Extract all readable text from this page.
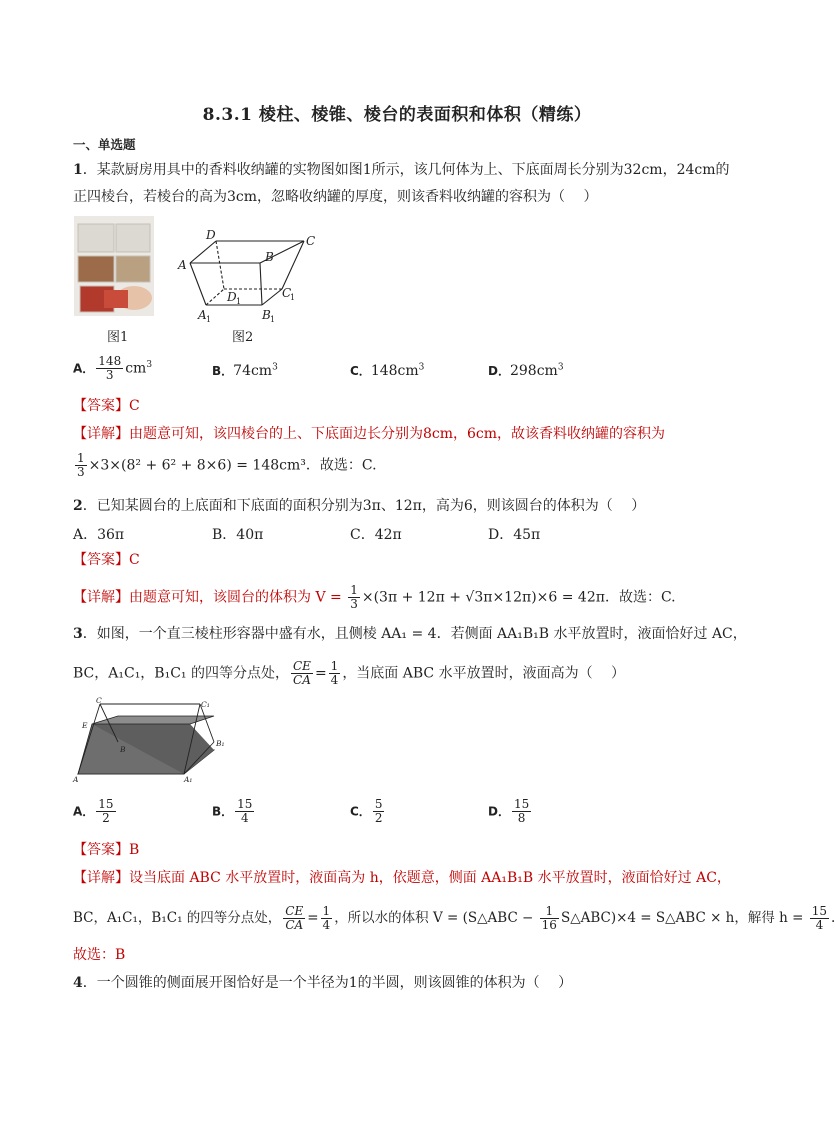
8.3.1 棱柱、棱锥、棱台的表面积和体积（精练）
一、单选题
1．某款厨房用具中的香料收纳罐的实物图如图1所示，该几何体为上、下底面周长分别为32cm，24cm的
正四棱台，若棱台的高为3cm，忽略收纳罐的厚度，则该香料收纳罐的容积为（　 ）
图1
D	C
A
B
D 1
C
1
A 1	B 1
图2
A． $\frac{148}{3} cm^3$	B．$74cm^3$	C．$148cm^3$	D．$298cm^3$
【答案】C
【详解】由题意可知，该四棱台的上、下底面边长分别为8cm，6cm，故该香料收纳罐的容积为
$\frac{1}{3} \times 3\times(8^2 + 6^2 + 8\times 6) = 148cm^3$．故选：C.
2．已知某圆台的上底面和下底面的面积分别为3π、12π，高为6，则该圆台的体积为（　 ）
A．36π	B．40π	C．42π	D．45π
【答案】C
【详解】由题意可知，该圆台的体积为 $V = \frac{1}{3} \times(3\pi + 12\pi + √3\pi\times 12\pi)\times 6 = 42\pi$．故选：C.
3．如图，一个直三棱柱形容器中盛有水，且侧棱 AA₁ = 4．若侧面 AA₁B₁B 水平放置时，液面恰好过 AC，
BC，A₁C₁，B₁C₁ 的四等分点处， $\frac{CE}{CA} = \frac{1}{4}$ ，当底面 ABC 水平放置时，液面高为（　 ）
C	C₁
E
B
B₁
A	A₁
A． $\frac{15}{2}$	B． $\frac{15}{4}$	C． $\frac{5}{2}$	D． $\frac{15}{8}$
【答案】B
【详解】设当底面 ABC 水平放置时，液面高为 h，依题意，侧面 AA₁B₁B 水平放置时，液面恰好过 AC，
BC，A₁C₁，B₁C₁ 的四等分点处， $\frac{CE}{CA} = \frac{1}{4}$ ，所以水的体积 V = (S△ABC − $\frac{1}{16}$ S△ABC)×4 = S△ABC × h，解得 $h = \frac{15}{4}$ .
故选：B
4．一个圆锥的侧面展开图恰好是一个半径为1的半圆，则该圆锥的体积为（　 ）
